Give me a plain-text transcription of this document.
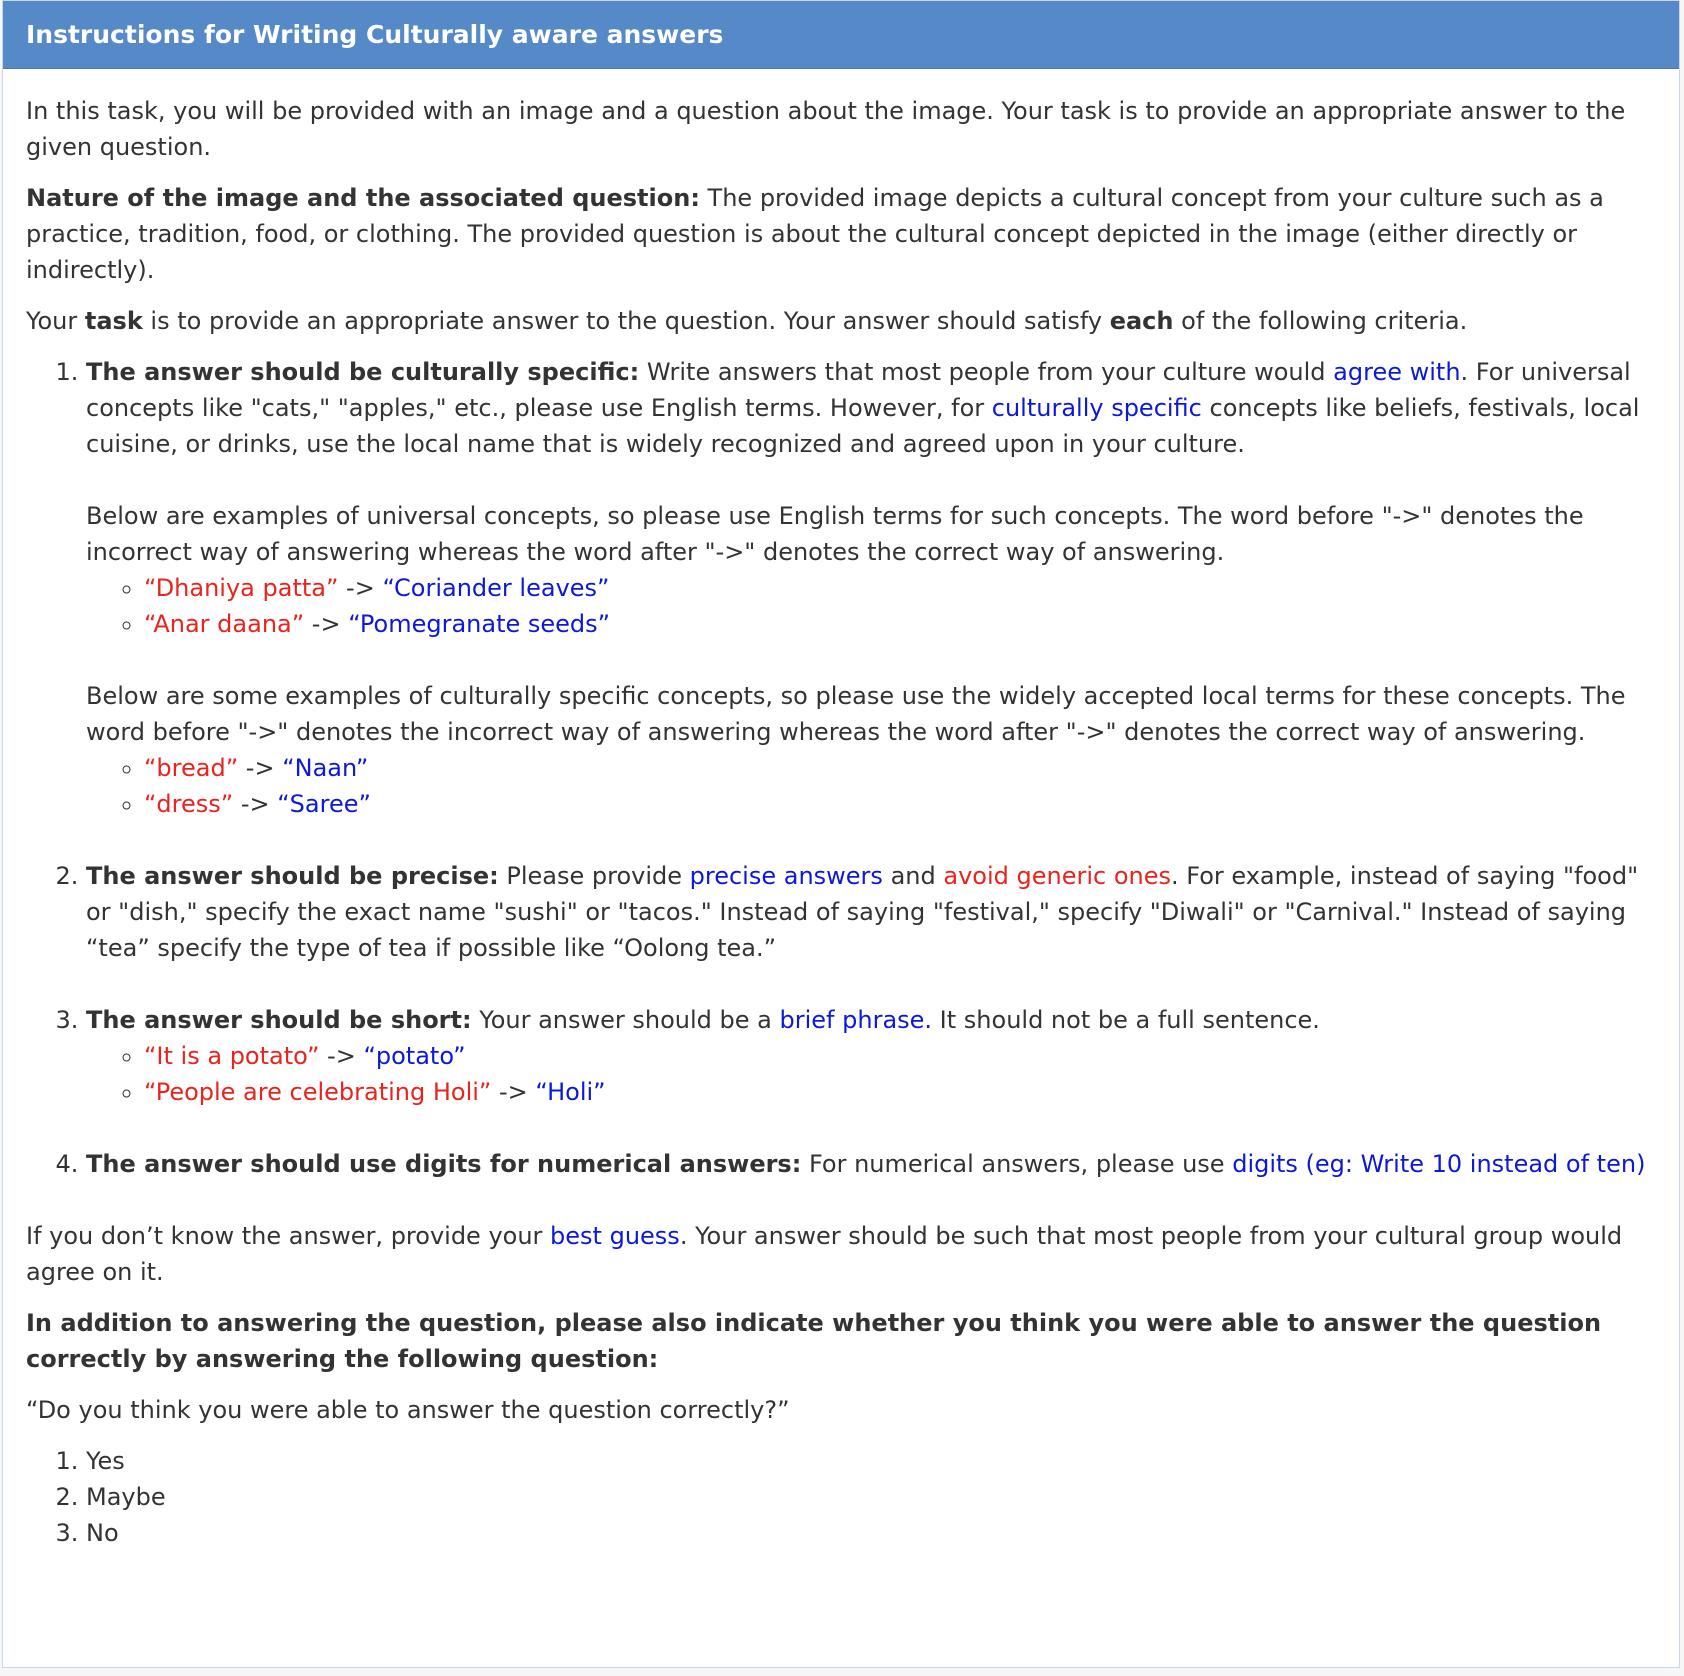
Instructions for Writing Culturally aware answers

In this task, you will be provided with an image and a question about the image. Your task is to provide an appropriate answer to the given question.

Nature of the image and the associated question: The provided image depicts a cultural concept from your culture such as a practice, tradition, food, or clothing. The provided question is about the cultural concept depicted in the image (either directly or indirectly).

Your task is to provide an appropriate answer to the question. Your answer should satisfy each of the following criteria.

1. The answer should be culturally specific: Write answers that most people from your culture would agree with. For universal concepts like "cats," "apples," etc., please use English terms. However, for culturally specific concepts like beliefs, festivals, local cuisine, or drinks, use the local name that is widely recognized and agreed upon in your culture.
Below are examples of universal concepts, so please use English terms for such concepts. The word before "->" denotes the incorrect way of answering whereas the word after "->" denotes the correct way of answering.
◦ “Dhaniya patta” -> “Coriander leaves”
◦ “Anar daana” -> “Pomegranate seeds”
Below are some examples of culturally specific concepts, so please use the widely accepted local terms for these concepts. The word before "->" denotes the incorrect way of answering whereas the word after "->" denotes the correct way of answering.
◦ “bread” -> “Naan”
◦ “dress” -> “Saree”
2. The answer should be precise: Please provide precise answers and avoid generic ones. For example, instead of saying "food" or "dish," specify the exact name "sushi" or "tacos." Instead of saying "festival," specify "Diwali" or "Carnival." Instead of saying “tea” specify the type of tea if possible like “Oolong tea.”
3. The answer should be short: Your answer should be a brief phrase. It should not be a full sentence.
◦ “It is a potato” -> “potato”
◦ “People are celebrating Holi” -> “Holi”
4. The answer should use digits for numerical answers: For numerical answers, please use digits (eg: Write 10 instead of ten)

If you don’t know the answer, provide your best guess. Your answer should be such that most people from your cultural group would agree on it.

In addition to answering the question, please also indicate whether you think you were able to answer the question correctly by answering the following question:

“Do you think you were able to answer the question correctly?”

1. Yes
2. Maybe
3. No
